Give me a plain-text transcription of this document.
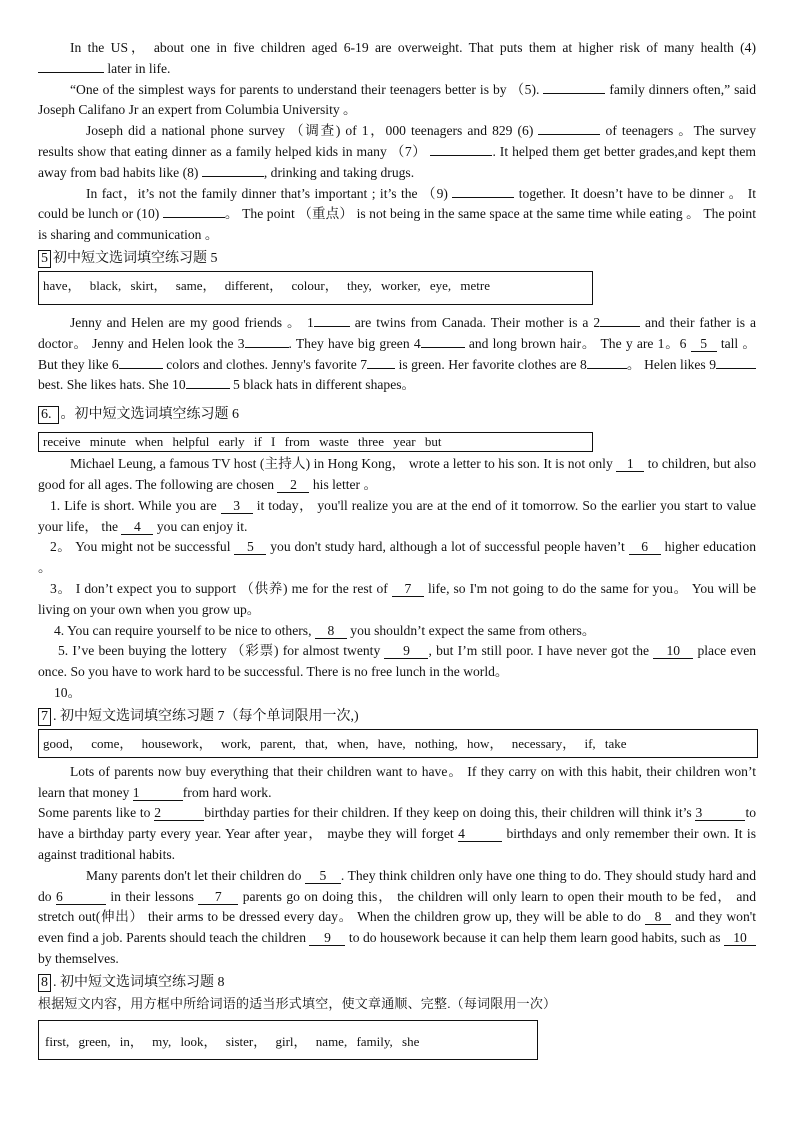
In the US， about one in five children aged 6-19 are overweight. That puts them at higher risk of many health (4)  later in life.

“One of the simplest ways for parents to understand their teenagers better is by （5).	family dinners often,” said Joseph Califano Jr an expert from Columbia University 。

Joseph did a national phone survey （调查) of 1，000 teenagers and 829 (6)	of teenagers 。The survey results show that eating dinner as a family helped kids in many （7）	. It helped them get better grades,and kept them away from bad habits like (8)	, drinking and taking drugs.

In fact，it’s not the family dinner that’s important ; it’s the （9)	together. It doesn’t have to be dinner 。 It could be lunch or (10)	。 The point （重点） is not being in the same space at the same time while eating 。 The point is sharing and communication 。

5 初中短文选词填空练习题 5
have， black, skirt， same， different， colour， they, worker, eye, metre

Jenny and Helen are my good friends 。 1	are twins from Canada. Their mother is a 2	and their father is a doctor。 Jenny and Helen look the 3	. They have big green 4	and long brown hair。 The y are 1。6 5 tall 。 But they like 6	colors and clothes. Jenny's favorite 7 is green. Her favorite clothes are 8	。 Helen likes 9 best. She likes hats. She 10	5 black hats in different shapes。

6. 。初中短文选词填空练习题 6
receive minute when helpful early if I from waste three year but

Michael Leung, a famous TV host (主持人) in Hong Kong， wrote a letter to his son. It is not only 1 to children, but also good for all ages. The following are chosen 2 his letter 。

1. Life is short. While you are 3 it today， you'll realize you are at the end of it tomorrow. So the earlier you start to value your life， the 4 you can enjoy it.

2。 You might not be successful 5 you don't study hard, although a lot of successful people haven’t 6 higher education 。

3。 I don’t expect you to support （供养) me for the rest of 7 life, so I'm not going to do the same for you。 You will be living on your own when you grow up。

4. You can require yourself to be nice to others, 8 you shouldn’t expect the same from others。

5. I’ve been buying the lottery （彩票) for almost twenty 9 , but I’m still poor. I have never got the 10 place even once. So you have to work hard to be successful. There is no free lunch in the world。

10。

7 . 初中短文选词填空练习题 7（每个单词限用一次,)
good， come， housework， work, parent, that, when, have, nothing, how， necessary， if, take

Lots of parents now buy everything that their children want to have。 If they carry on with this habit, their children won’t learn that money 1	from hard work.

Some parents like to 2	birthday parties for their children. If they keep on doing this, their children will think it’s 3	to have a birthday party every year. Year after year， maybe they will forget 4	birthdays and only remember their own. It is against traditional habits.

Many parents don't let their children do 5 . They think children only have one thing to do. They should study hard and do 6	in their lessons 7 parents go on doing this， the children will only learn to open their mouth to be fed， and stretch out(伸出） their arms to be dressed every day。 When the children grow up, they will be able to do 8 and they won't even find a job. Parents should teach the children 9 to do housework because it can help them learn good habits, such as 10 by themselves.

8 . 初中短文选词填空练习题 8

根据短文内容，用方框中所给词语的适当形式填空，使文章通顺、完整.（每词限用一次）

first, green, in， my, look， sister， girl， name, family, she
